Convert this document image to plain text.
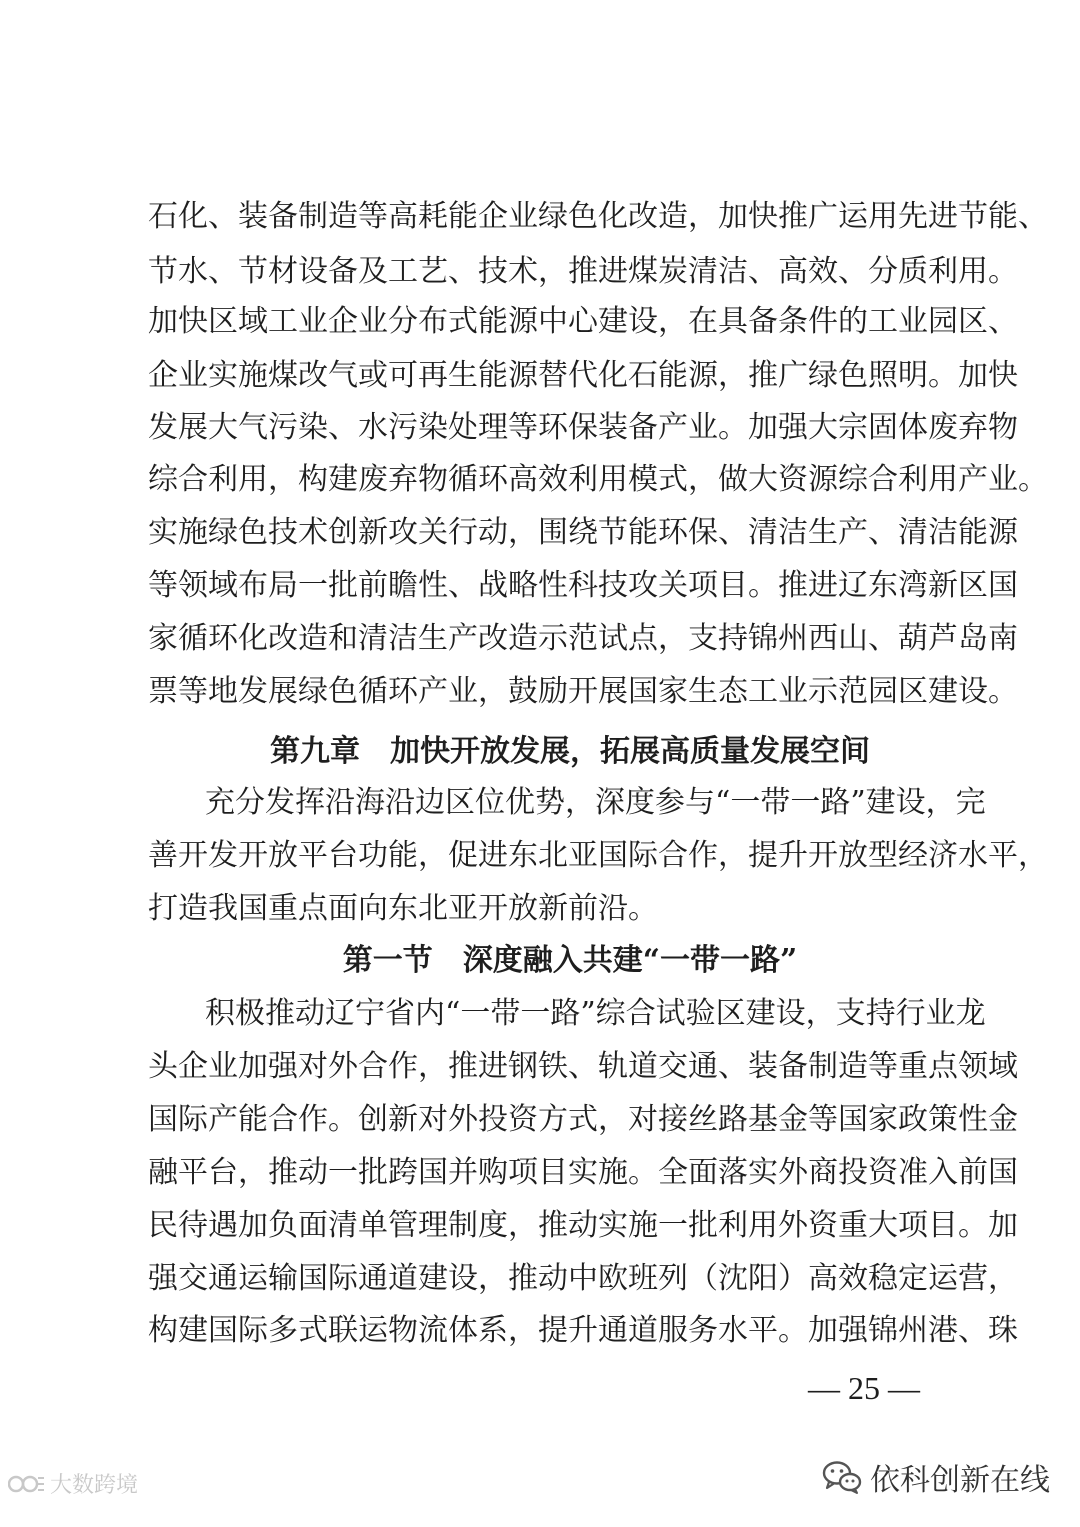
石化、装备制造等高耗能企业绿色化改造，加快推广运用先进节能、
节水、节材设备及工艺、技术，推进煤炭清洁、高效、分质利用。
加快区域工业企业分布式能源中心建设，在具备条件的工业园区、
企业实施煤改气或可再生能源替代化石能源，推广绿色照明。加快
发展大气污染、水污染处理等环保装备产业。加强大宗固体废弃物
综合利用，构建废弃物循环高效利用模式，做大资源综合利用产业。
实施绿色技术创新攻关行动，围绕节能环保、清洁生产、清洁能源
等领域布局一批前瞻性、战略性科技攻关项目。推进辽东湾新区国
家循环化改造和清洁生产改造示范试点，支持锦州西山、葫芦岛南
票等地发展绿色循环产业，鼓励开展国家生态工业示范园区建设。
第九章　加快开放发展，拓展高质量发展空间
充分发挥沿海沿边区位优势，深度参与“一带一路”建设，完
善开发开放平台功能，促进东北亚国际合作，提升开放型经济水平，
打造我国重点面向东北亚开放新前沿。
第一节　深度融入共建“一带一路”
积极推动辽宁省内“一带一路”综合试验区建设，支持行业龙
头企业加强对外合作，推进钢铁、轨道交通、装备制造等重点领域
国际产能合作。创新对外投资方式，对接丝路基金等国家政策性金
融平台，推动一批跨国并购项目实施。全面落实外商投资准入前国
民待遇加负面清单管理制度，推动实施一批利用外资重大项目。加
强交通运输国际通道建设，推动中欧班列（沈阳）高效稳定运营，
构建国际多式联运物流体系，提升通道服务水平。加强锦州港、珠
— 25 —
大数跨境	依科创新在线
